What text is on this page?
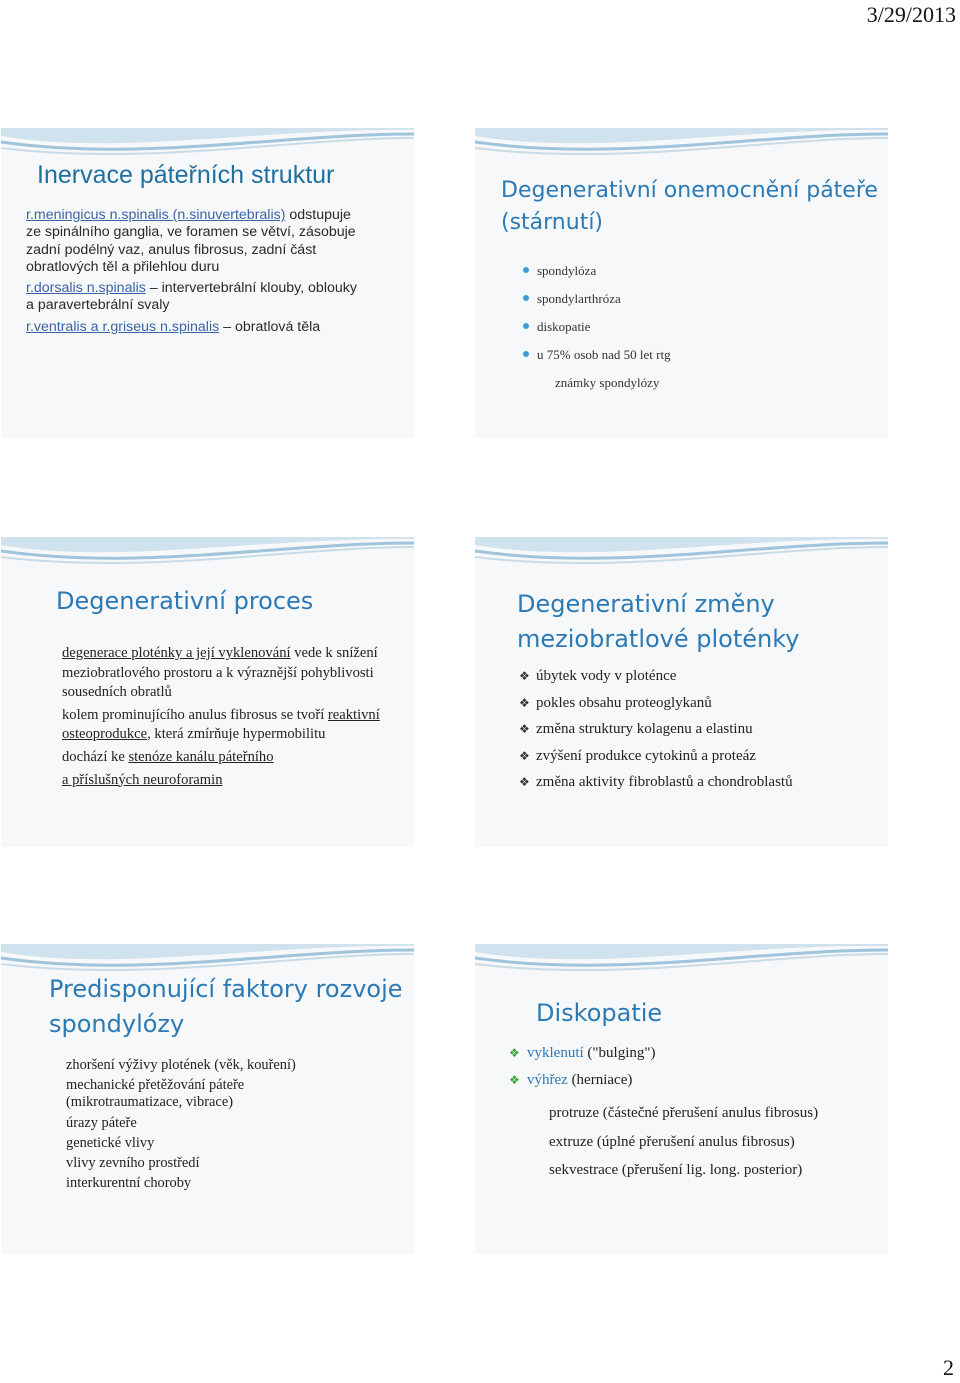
3/29/2013
Inervace páteřních struktur
r.meningicus n.spinalis (n.sinuvertebralis) odstupuje ze spinálního ganglia, ve foramen se větví, zásobuje zadní podélný vaz, anulus fibrosus, zadní část obratlových těl a přilehlou duru
r.dorsalis n.spinalis – intervertebrální klouby, oblouky a paravertebrální svaly
r.ventralis a r.griseus n.spinalis – obratlová těla
Degenerativní onemocnění páteře (stárnutí)
spondylóza
spondylarthróza
diskopatie
u 75% osob nad 50 let rtg
známky spondylózy
Degenerativní proces
degenerace ploténky a její vyklenování vede k snížení meziobratlového prostoru a k výraznější pohyblivosti sousedních obratlů
kolem prominujícího anulus fibrosus se tvoří reaktivní osteoprodukce, která zmírňuje hypermobilitu
dochází ke stenóze kanálu páteřního
a příslušných neuroforamin
Degenerativní změny meziobratlové ploténky
❖ úbytek vody v ploténce
❖ pokles obsahu proteoglykanů
❖ změna struktury kolagenu a elastinu
❖ zvýšení produkce cytokinů a proteáz
❖ změna aktivity fibroblastů a chondroblastů
Predisponující faktory rozvoje spondylózy
zhoršení výživy plotének (věk, kouření)
mechanické přetěžování páteře (mikrotraumatizace, vibrace)
úrazy páteře
genetické vlivy
vlivy zevního prostředí
interkurentní choroby
Diskopatie
❖ vyklenutí ("bulging")
❖ výhřez (herniace)
protruze (částečné přerušení anulus fibrosus)
extruze (úplné přerušení anulus fibrosus)
sekvestrace (přerušení lig. long. posterior)
2
